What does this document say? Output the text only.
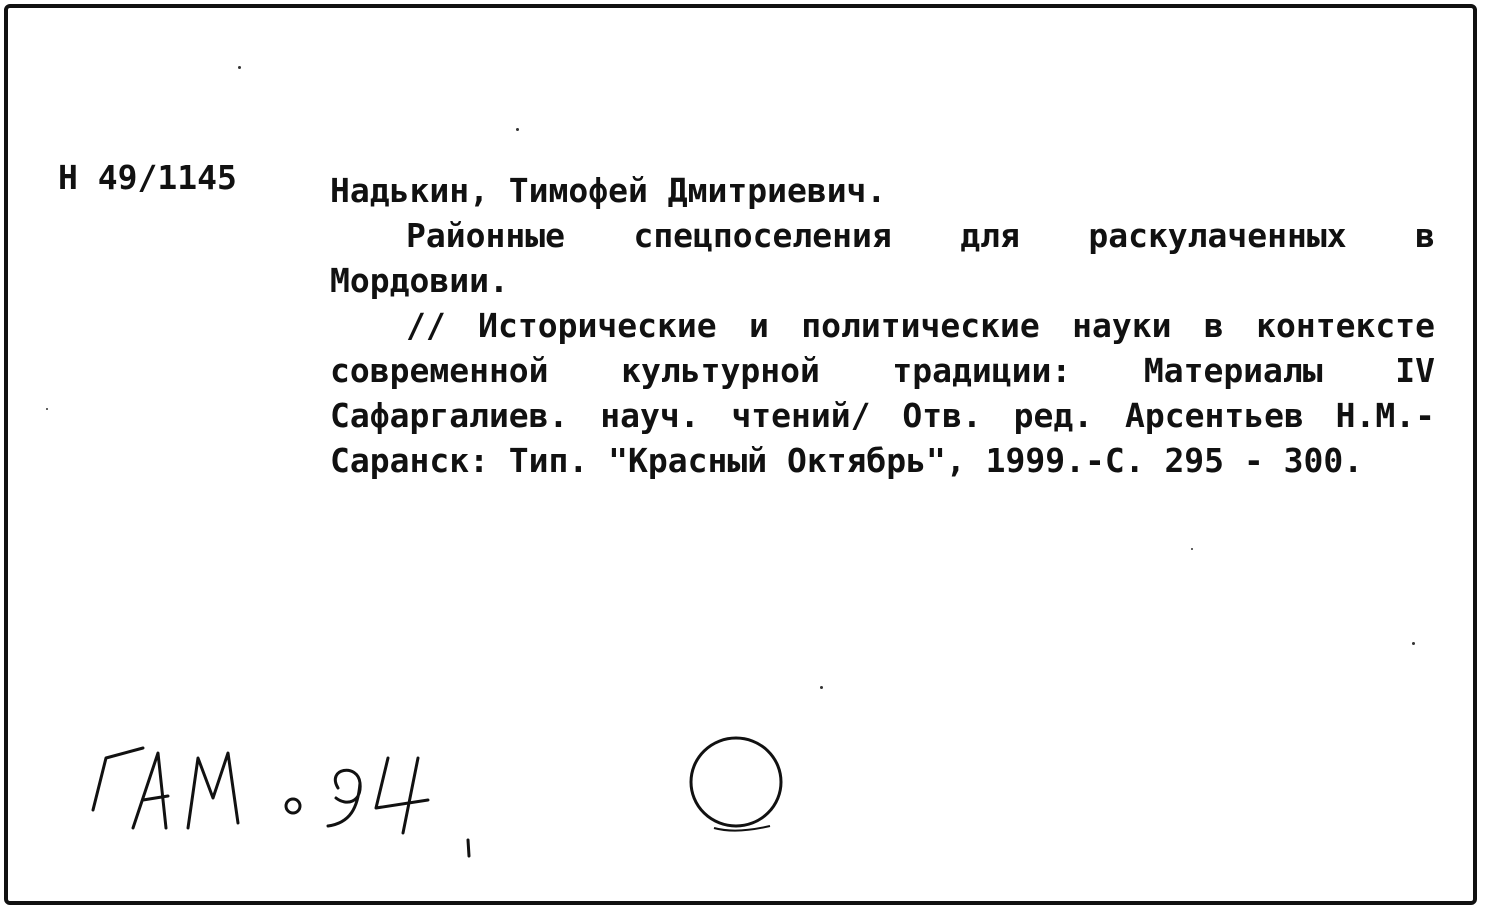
Н 49/1145	Надькин, Тимофей Дмитриевич.
Районные спецпоселения для раскулаченных в Мордовии.
// Исторические и политические науки в контексте современной культурной традиции: Материалы IV Сафаргалиев. науч. чтений/ Отв. ред. Арсентьев Н.М.- Саранск: Тип. "Красный Октябрь", 1999.-С. 295 - 300.
